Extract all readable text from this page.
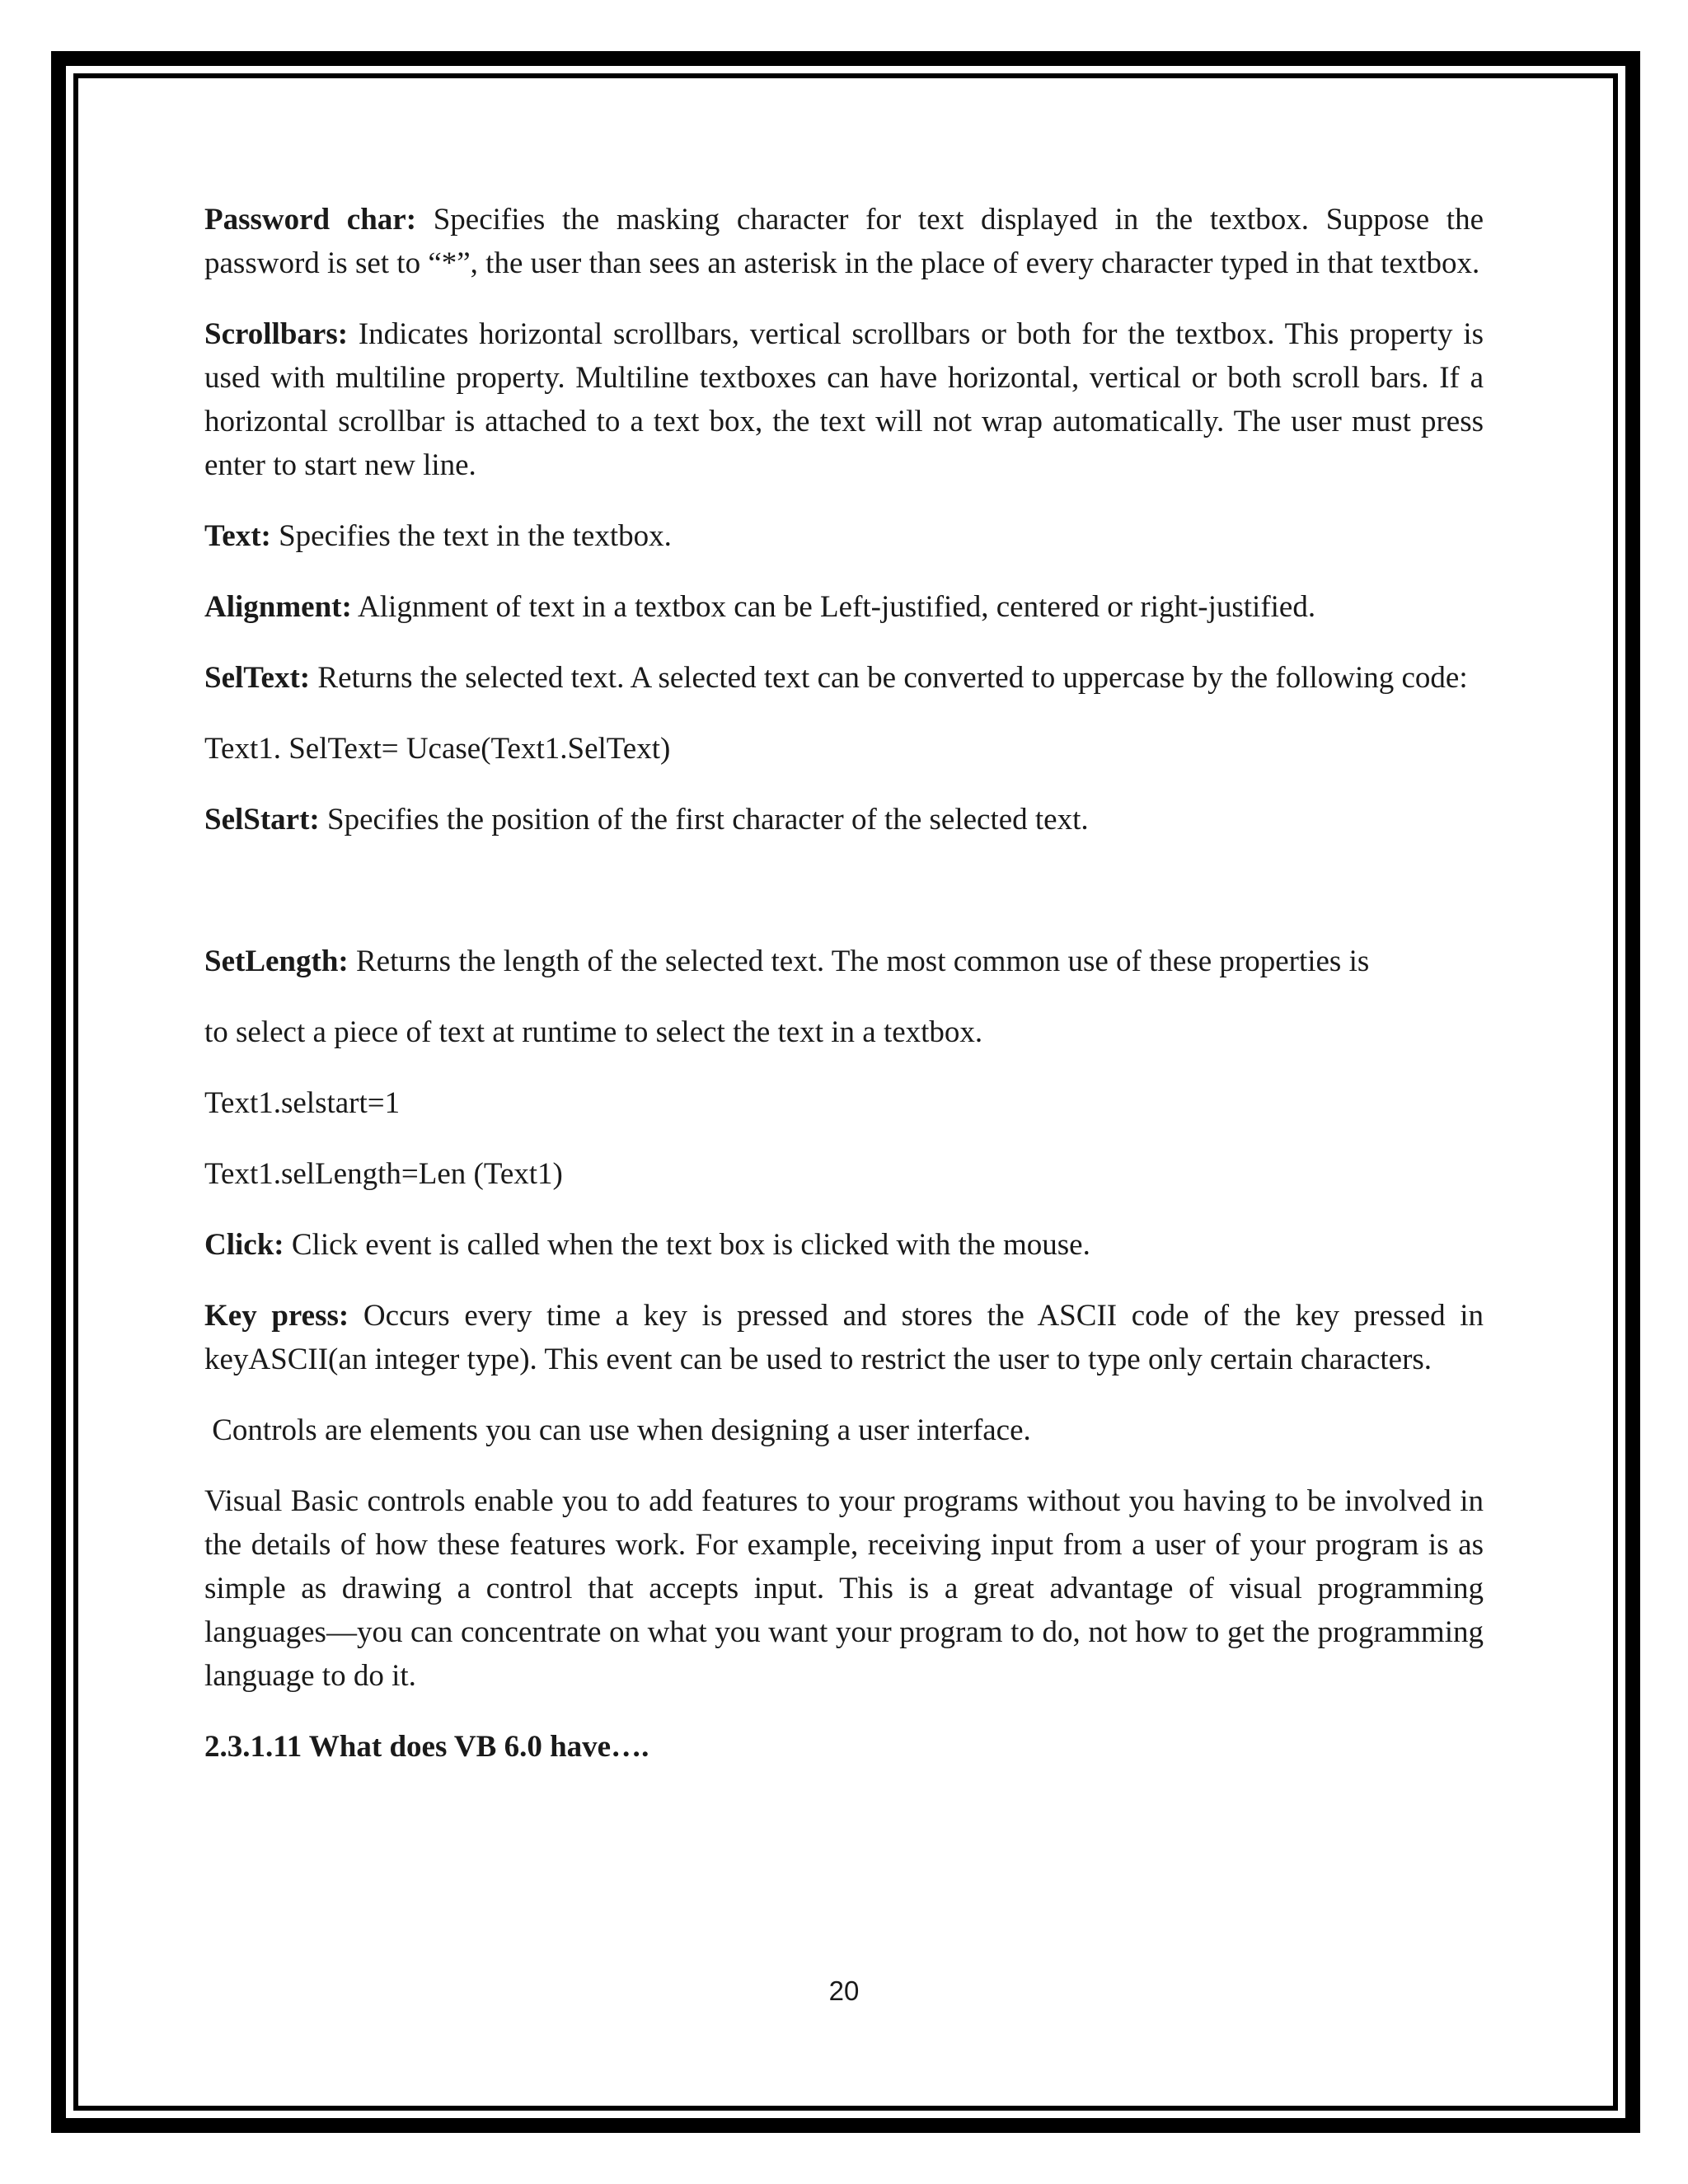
Password char: Specifies the masking character for text displayed in the textbox. Suppose the password is set to “*”, the user than sees an asterisk in the place of every character typed in that textbox.

Scrollbars: Indicates horizontal scrollbars, vertical scrollbars or both for the textbox. This property is used with multiline property. Multiline textboxes can have horizontal, vertical or both scroll bars. If a horizontal scrollbar is attached to a text box, the text will not wrap automatically. The user must press enter to start new line.

Text: Specifies the text in the textbox.

Alignment: Alignment of text in a textbox can be Left-justified, centered or right-justified.

SelText: Returns the selected text. A selected text can be converted to uppercase by the following code:

Text1. SelText= Ucase(Text1.SelText)

SelStart: Specifies the position of the first character of the selected text.

SetLength: Returns the length of the selected text. The most common use of these properties is

to select a piece of text at runtime to select the text in a textbox.

Text1.selstart=1

Text1.selLength=Len (Text1)

Click: Click event is called when the text box is clicked with the mouse.

Key press: Occurs every time a key is pressed and stores the ASCII code of the key pressed in keyASCII(an integer type). This event can be used to restrict the user to type only certain characters.

Controls are elements you can use when designing a user interface.

Visual Basic controls enable you to add features to your programs without you having to be involved in the details of how these features work. For example, receiving input from a user of your program is as simple as drawing a control that accepts input. This is a great advantage of visual programming languages—you can concentrate on what you want your program to do, not how to get the programming language to do it.

2.3.1.11 What does VB 6.0 have….

20
